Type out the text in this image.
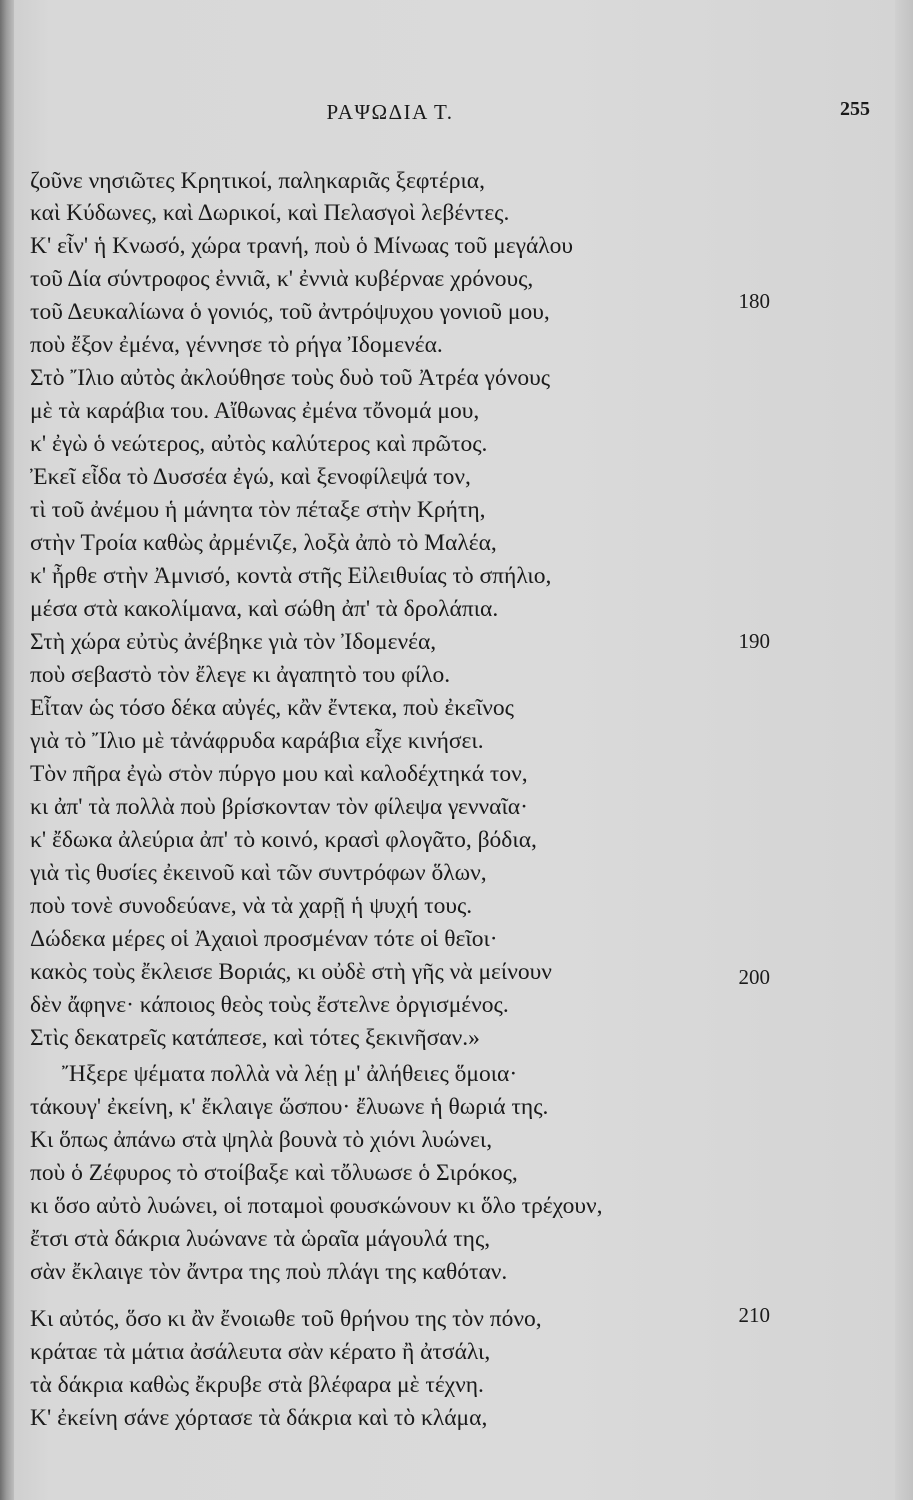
ΡΑΨΩΔΙΑ Τ.	255
ζοῦνε νησιῶτες Κρητικοί, παληκαριᾶς ξεφτέρια,
καὶ Κύδωνες, καὶ Δωρικοί, καὶ Πελασγοὶ λεβέντες.
Κ' εἶν' ἡ Κνωσό, χώρα τρανή, ποὺ ὁ Μίνωας τοῦ μεγάλου
τοῦ Δία σύντροφος ἐννιᾶ, κ' ἐννιὰ κυβέρναε χρόνους,
τοῦ Δευκαλίωνα ὁ γονιός, τοῦ ἀντρόψυχου γονιοῦ μου,
ποὺ ἔξον ἐμένα, γέννησε τὸ ρήγα Ἰδομενέα.
Στὸ Ἴλιο αὐτὸς ἀκλούθησε τοὺς δυὸ τοῦ Ἀτρέα γόνους
μὲ τὰ καράβια του. Αἴθωνας ἐμένα τὄνομά μου,
κ' ἐγὼ ὁ νεώτερος, αὐτὸς καλύτερος καὶ πρῶτος.
Ἐκεῖ εἶδα τὸ Δυσσέα ἐγώ, καὶ ξενοφίλεψά τον,
τὶ τοῦ ἀνέμου ἡ μάνητα τὸν πέταξε στὴν Κρήτη,
στὴν Τροία καθὼς ἀρμένιζε, λοξὰ ἀπὸ τὸ Μαλέα,
κ' ἦρθε στὴν Ἀμνισό, κοντὰ στῆς Εἰλειθυίας τὸ σπήλιο,
μέσα στὰ κακολίμανα, καὶ σώθη ἀπ' τὰ δρολάπια.
Στὴ χώρα εὐτὺς ἀνέβηκε γιὰ τὸν Ἰδομενέα,
ποὺ σεβαστὸ τὸν ἔλεγε κι ἀγαπητὸ του φίλο.
Εἶταν ὡς τόσο δέκα αὐγές, κἂν ἔντεκα, ποὺ ἐκεῖνος
γιὰ τὸ Ἴλιο μὲ τἀνάφρυδα καράβια εἶχε κινήσει.
Τὸν πῆρα ἐγὼ στὸν πύργο μου καὶ καλοδέχτηκά τον,
κι ἀπ' τὰ πολλὰ ποὺ βρίσκονταν τὸν φίλεψα γενναῖα·
κ' ἔδωκα ἀλεύρια ἀπ' τὸ κοινό, κρασὶ φλογᾶτο, βόδια,
γιὰ τὶς θυσίες ἐκεινοῦ καὶ τῶν συντρόφων ὅλων,
ποὺ τονὲ συνοδεύανε, νὰ τὰ χαρῇ ἡ ψυχή τους.
Δώδεκα μέρες οἱ Ἀχαιοὶ προσμέναν τότε οἱ θεῖοι·
κακὸς τοὺς ἔκλεισε Βοριάς, κι οὐδὲ στὴ γῆς νὰ μείνουν
δὲν ἄφηνε· κάποιος θεὸς τοὺς ἔστελνε ὀργισμένος.
Στὶς δεκατρεῖς κατάπεσε, καὶ τότες ξεκινῆσαν.»
Ἤξερε ψέματα πολλὰ νὰ λέῃ μ' ἀλήθειες ὅμοια·
τάκουγ' ἐκείνη, κ' ἔκλαιγε ὥσπου· ἔλυωνε ἡ θωριά της.
Κι ὅπως ἀπάνω στὰ ψηλὰ βουνὰ τὸ χιόνι λυώνει,
ποὺ ὁ Ζέφυρος τὸ στοίβαξε καὶ τὄλυωσε ὁ Σιρόκος,
κι ὅσο αὐτὸ λυώνει, οἱ ποταμοὶ φουσκώνουν κι ὅλο τρέχουν,
ἔτσι στὰ δάκρια λυώνανε τὰ ὡραῖα μάγουλά της,
σὰν ἔκλαιγε τὸν ἄντρα της ποὺ πλάγι της καθόταν.
Κι αὐτός, ὅσο κι ἂν ἔνοιωθε τοῦ θρήνου της τὸν πόνο,
κράταε τὰ μάτια ἀσάλευτα σὰν κέρατο ἢ ἀτσάλι,
τὰ δάκρια καθὼς ἔκρυβε στὰ βλέφαρα μὲ τέχνη.
Κ' ἐκείνη σάνε χόρτασε τὰ δάκρια καὶ τὸ κλάμα,
180
190
200
210
